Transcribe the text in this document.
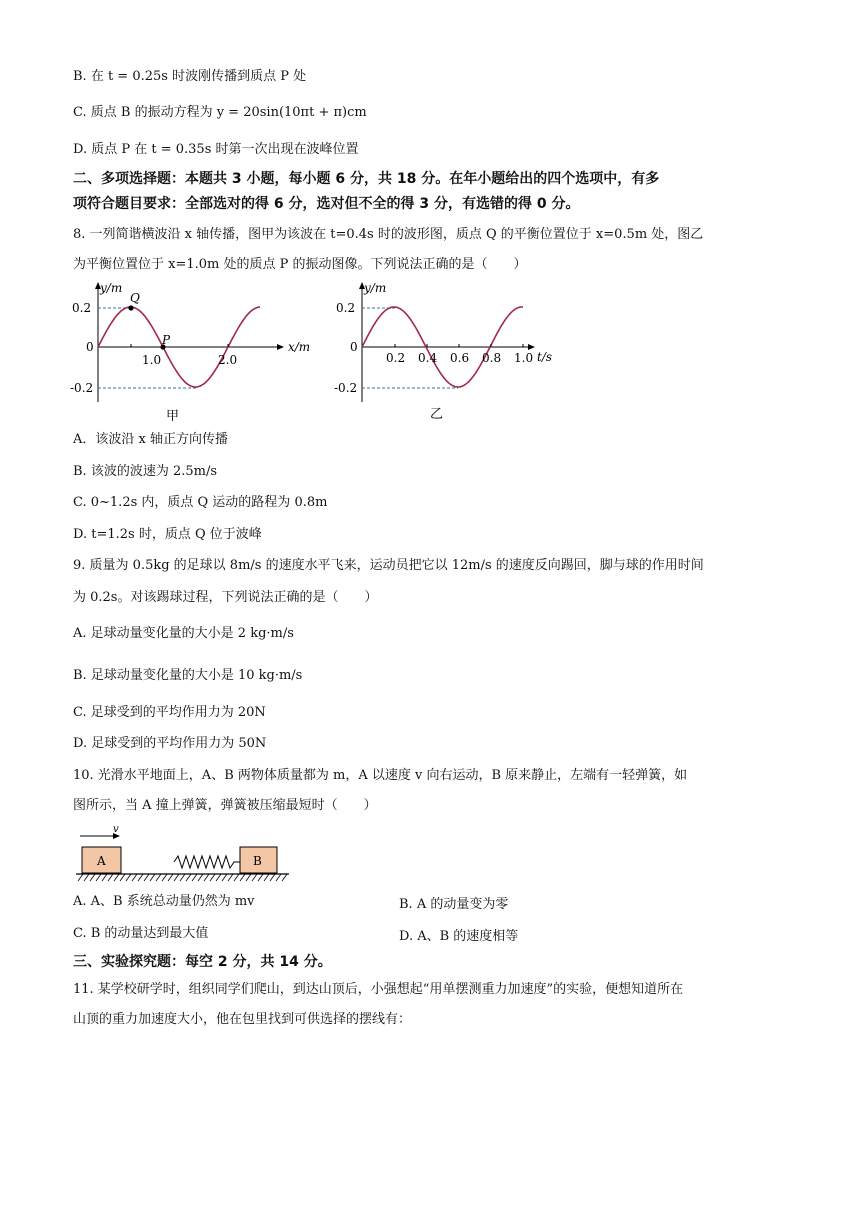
B. 在 t = 0.25s 时波刚传播到质点 P 处
C. 质点 B 的振动方程为 y = 20sin(10πt + π)cm
D. 质点 P 在 t = 0.35s 时第一次出现在波峰位置
二、多项选择题：本题共 3 小题，每小题 6 分，共 18 分。在年小题给出的四个选项中，有多
项符合题目要求：全部选对的得 6 分，选对但不全的得 3 分，有选错的得 0 分。
8. 一列简谐横波沿 x 轴传播，图甲为该波在 t=0.4s 时的波形图，质点 Q 的平衡位置位于 x=0.5m 处，图乙
为平衡位置位于 x=1.0m 处的质点 P 的振动图像。下列说法正确的是（　　）
y/m
x/m
0.2
0
-0.2
1.0	2.0
Q
P
甲
y/m
t/s
0.2
0
-0.2
0.2 0.4 0.6 0.8 1.0
乙
A．该波沿 x 轴正方向传播
B. 该波的波速为 2.5m/s
C. 0~1.2s 内，质点 Q 运动的路程为 0.8m
D. t=1.2s 时，质点 Q 位于波峰
9. 质量为 0.5kg 的足球以 8m/s 的速度水平飞来，运动员把它以 12m/s 的速度反向踢回，脚与球的作用时间
为 0.2s。对该踢球过程，下列说法正确的是（　　）
A. 足球动量变化量的大小是 2 kg·m/s
B. 足球动量变化量的大小是 10 kg·m/s
C. 足球受到的平均作用力为 20N
D. 足球受到的平均作用力为 50N
10. 光滑水平地面上，A、B 两物体质量都为 m，A 以速度 v 向右运动，B 原来静止，左端有一轻弹簧，如
图所示，当 A 撞上弹簧，弹簧被压缩最短时（　　）
v
A	B
A. A、B 系统总动量仍然为 mv	B. A 的动量变为零
C. B 的动量达到最大值	D. A、B 的速度相等
三、实验探究题：每空 2 分，共 14 分。
11. 某学校研学时，组织同学们爬山，到达山顶后，小强想起“用单摆测重力加速度”的实验，便想知道所在
山顶的重力加速度大小，他在包里找到可供选择的摆线有：
